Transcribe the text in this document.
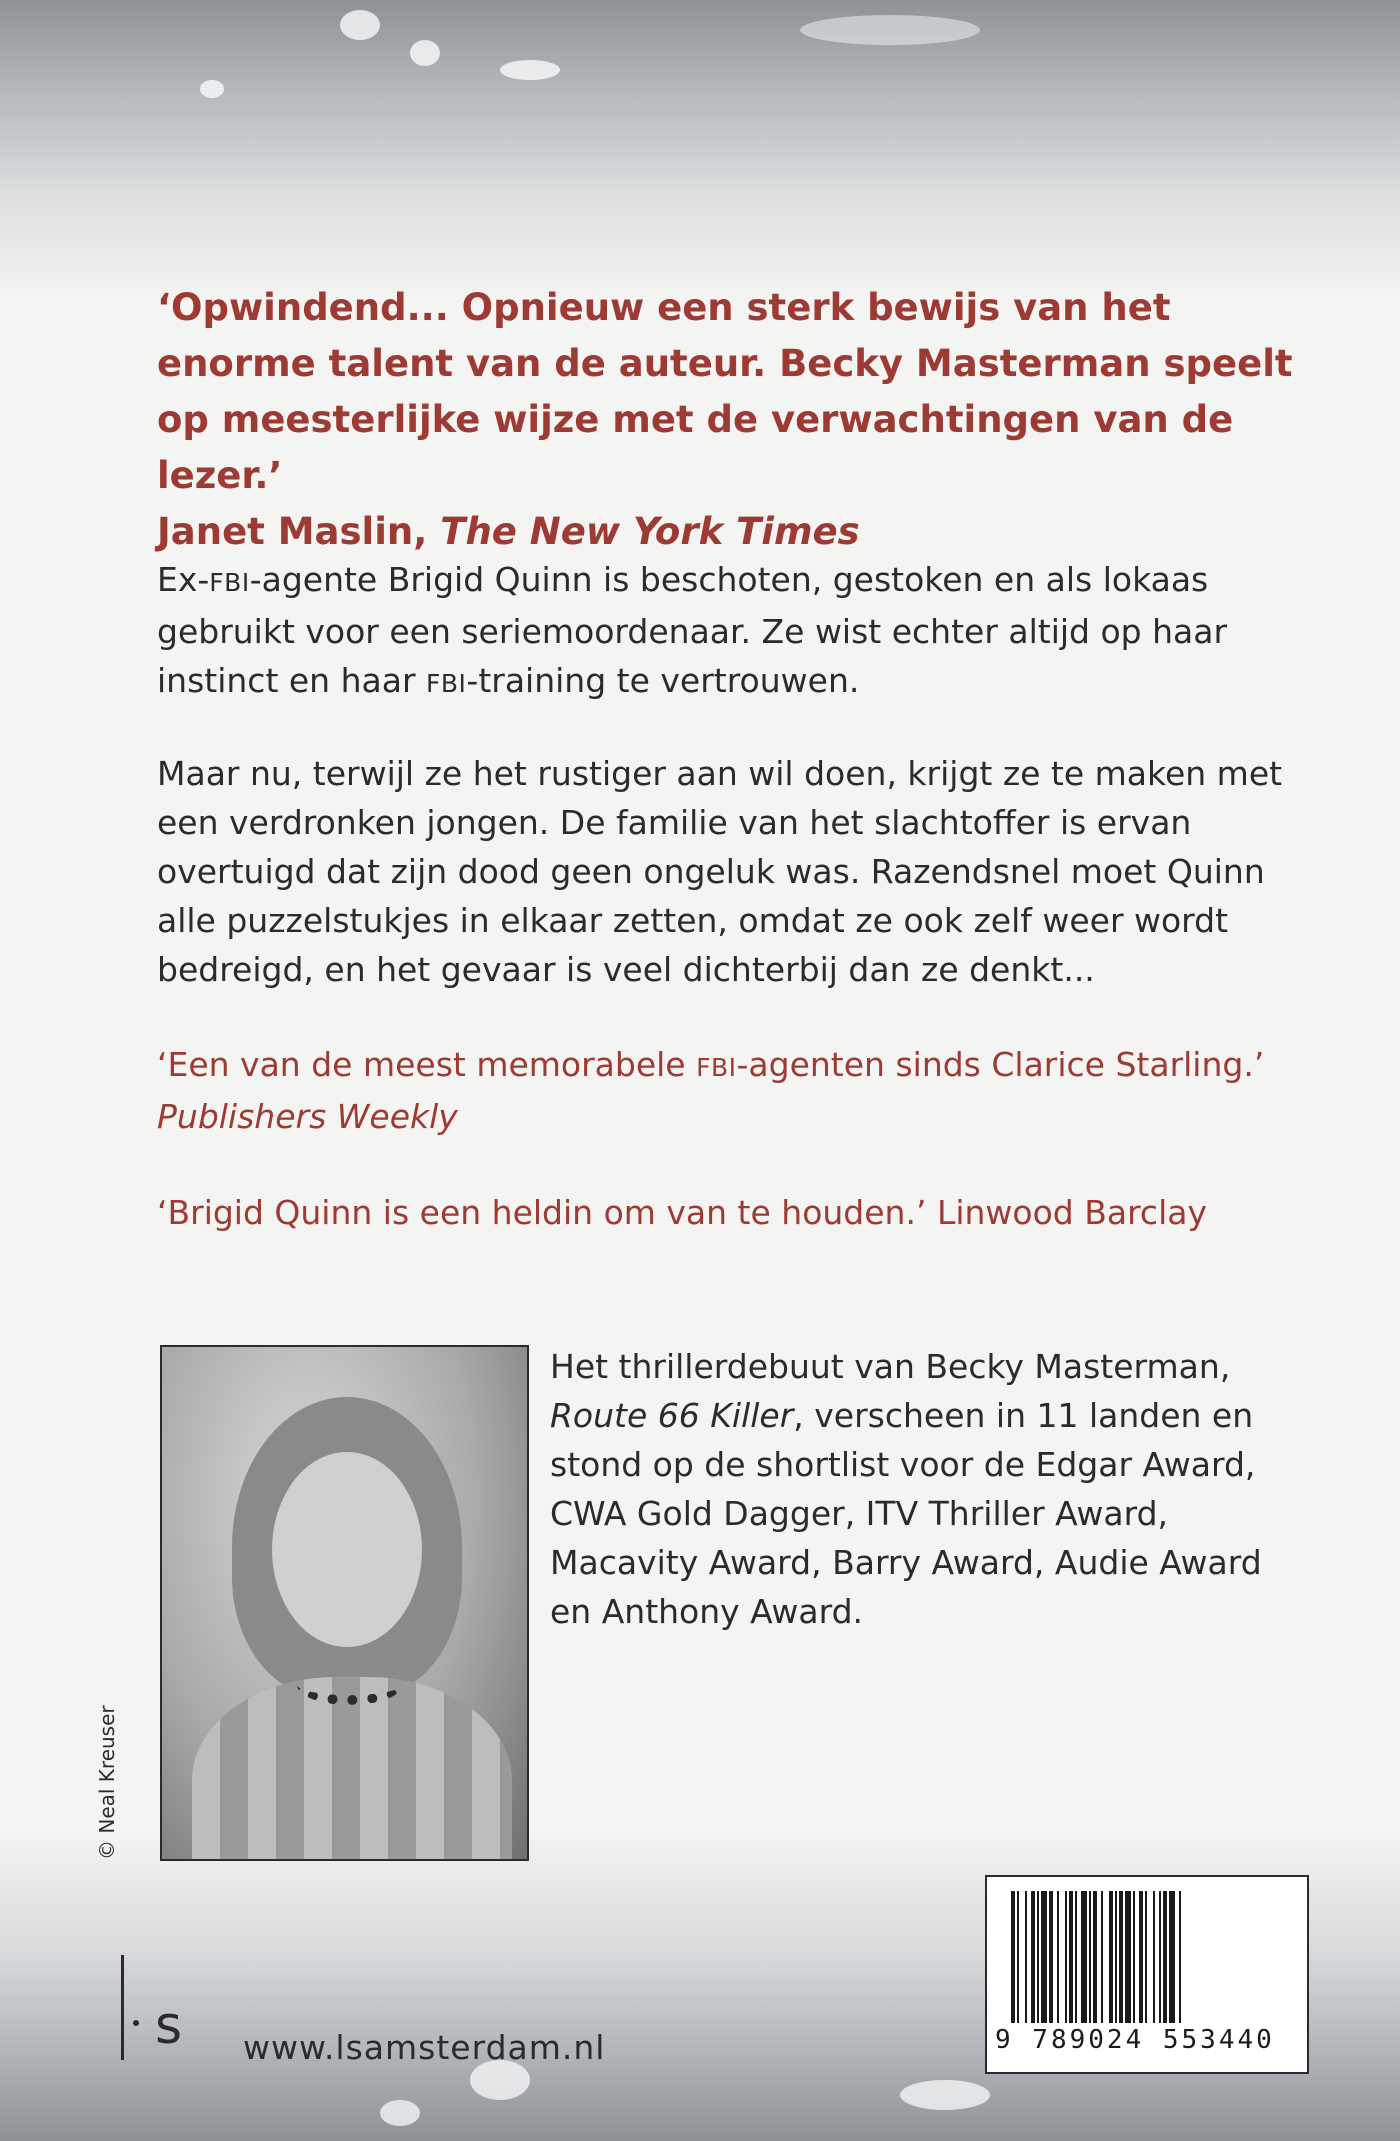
‘Opwindend... Opnieuw een sterk bewijs van het enorme talent van de auteur. Becky Masterman speelt op meesterlijke wijze met de verwachtingen van de lezer.’
Janet Maslin, The New York Times
Ex-FBI-agente Brigid Quinn is beschoten, gestoken en als lokaas gebruikt voor een seriemoordenaar. Ze wist echter altijd op haar instinct en haar FBI-training te vertrouwen.
Maar nu, terwijl ze het rustiger aan wil doen, krijgt ze te maken met een verdronken jongen. De familie van het slachtoffer is ervan overtuigd dat zijn dood geen ongeluk was. Razendsnel moet Quinn alle puzzelstukjes in elkaar zetten, omdat ze ook zelf weer wordt bedreigd, en het gevaar is veel dichterbij dan ze denkt...
‘Een van de meest memorabele FBI-agenten sinds Clarice Starling.’
Publishers Weekly
‘Brigid Quinn is een heldin om van te houden.’ Linwood Barclay
© Neal Kreuser
Het thrillerdebuut van Becky Masterman,
Route 66 Killer, verscheen in 11 landen en stond op de shortlist voor de Edgar Award, CWA Gold Dagger, ITV Thriller Award, Macavity Award, Barry Award, Audie Award en Anthony Award.
s www.lsamsterdam.nl	9 789024 553440
